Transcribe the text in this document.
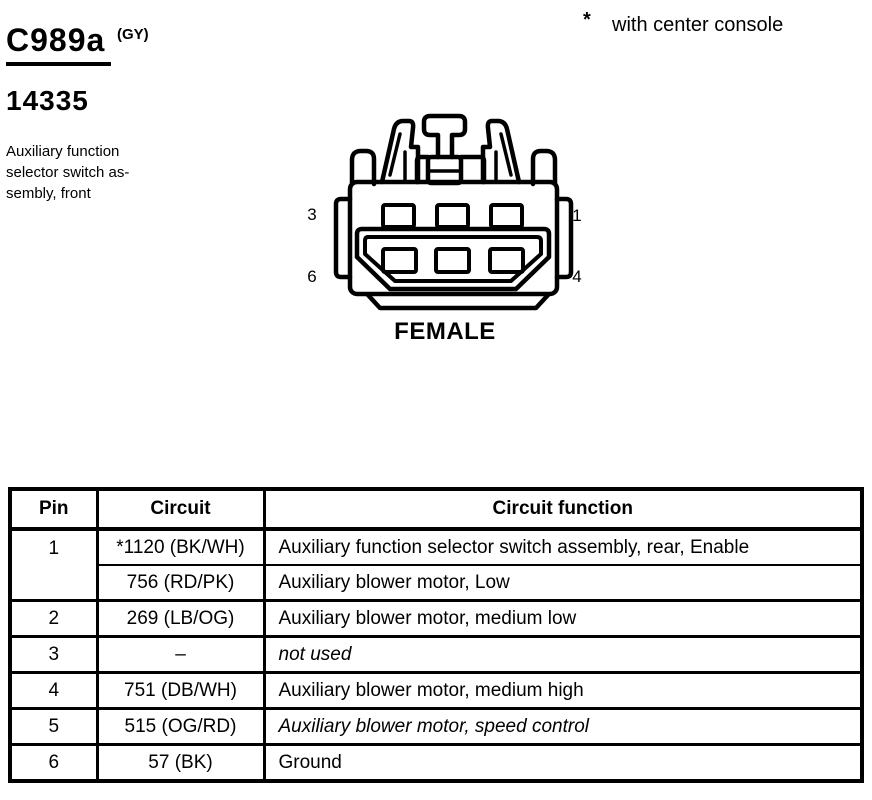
C989a (GY)
14335
Auxiliary function
selector switch as-
sembly, front
* with center console
3	1
6	4
FEMALE
Pin	Circuit	Circuit function
1	*1120 (BK/WH)	Auxiliary function selector switch assembly, rear, Enable
	756 (RD/PK)	Auxiliary blower motor, Low
2	269 (LB/OG)	Auxiliary blower motor, medium low
3	–	not used
4	751 (DB/WH)	Auxiliary blower motor, medium high
5	515 (OG/RD)	Auxiliary blower motor, speed control
6	57 (BK)	Ground
